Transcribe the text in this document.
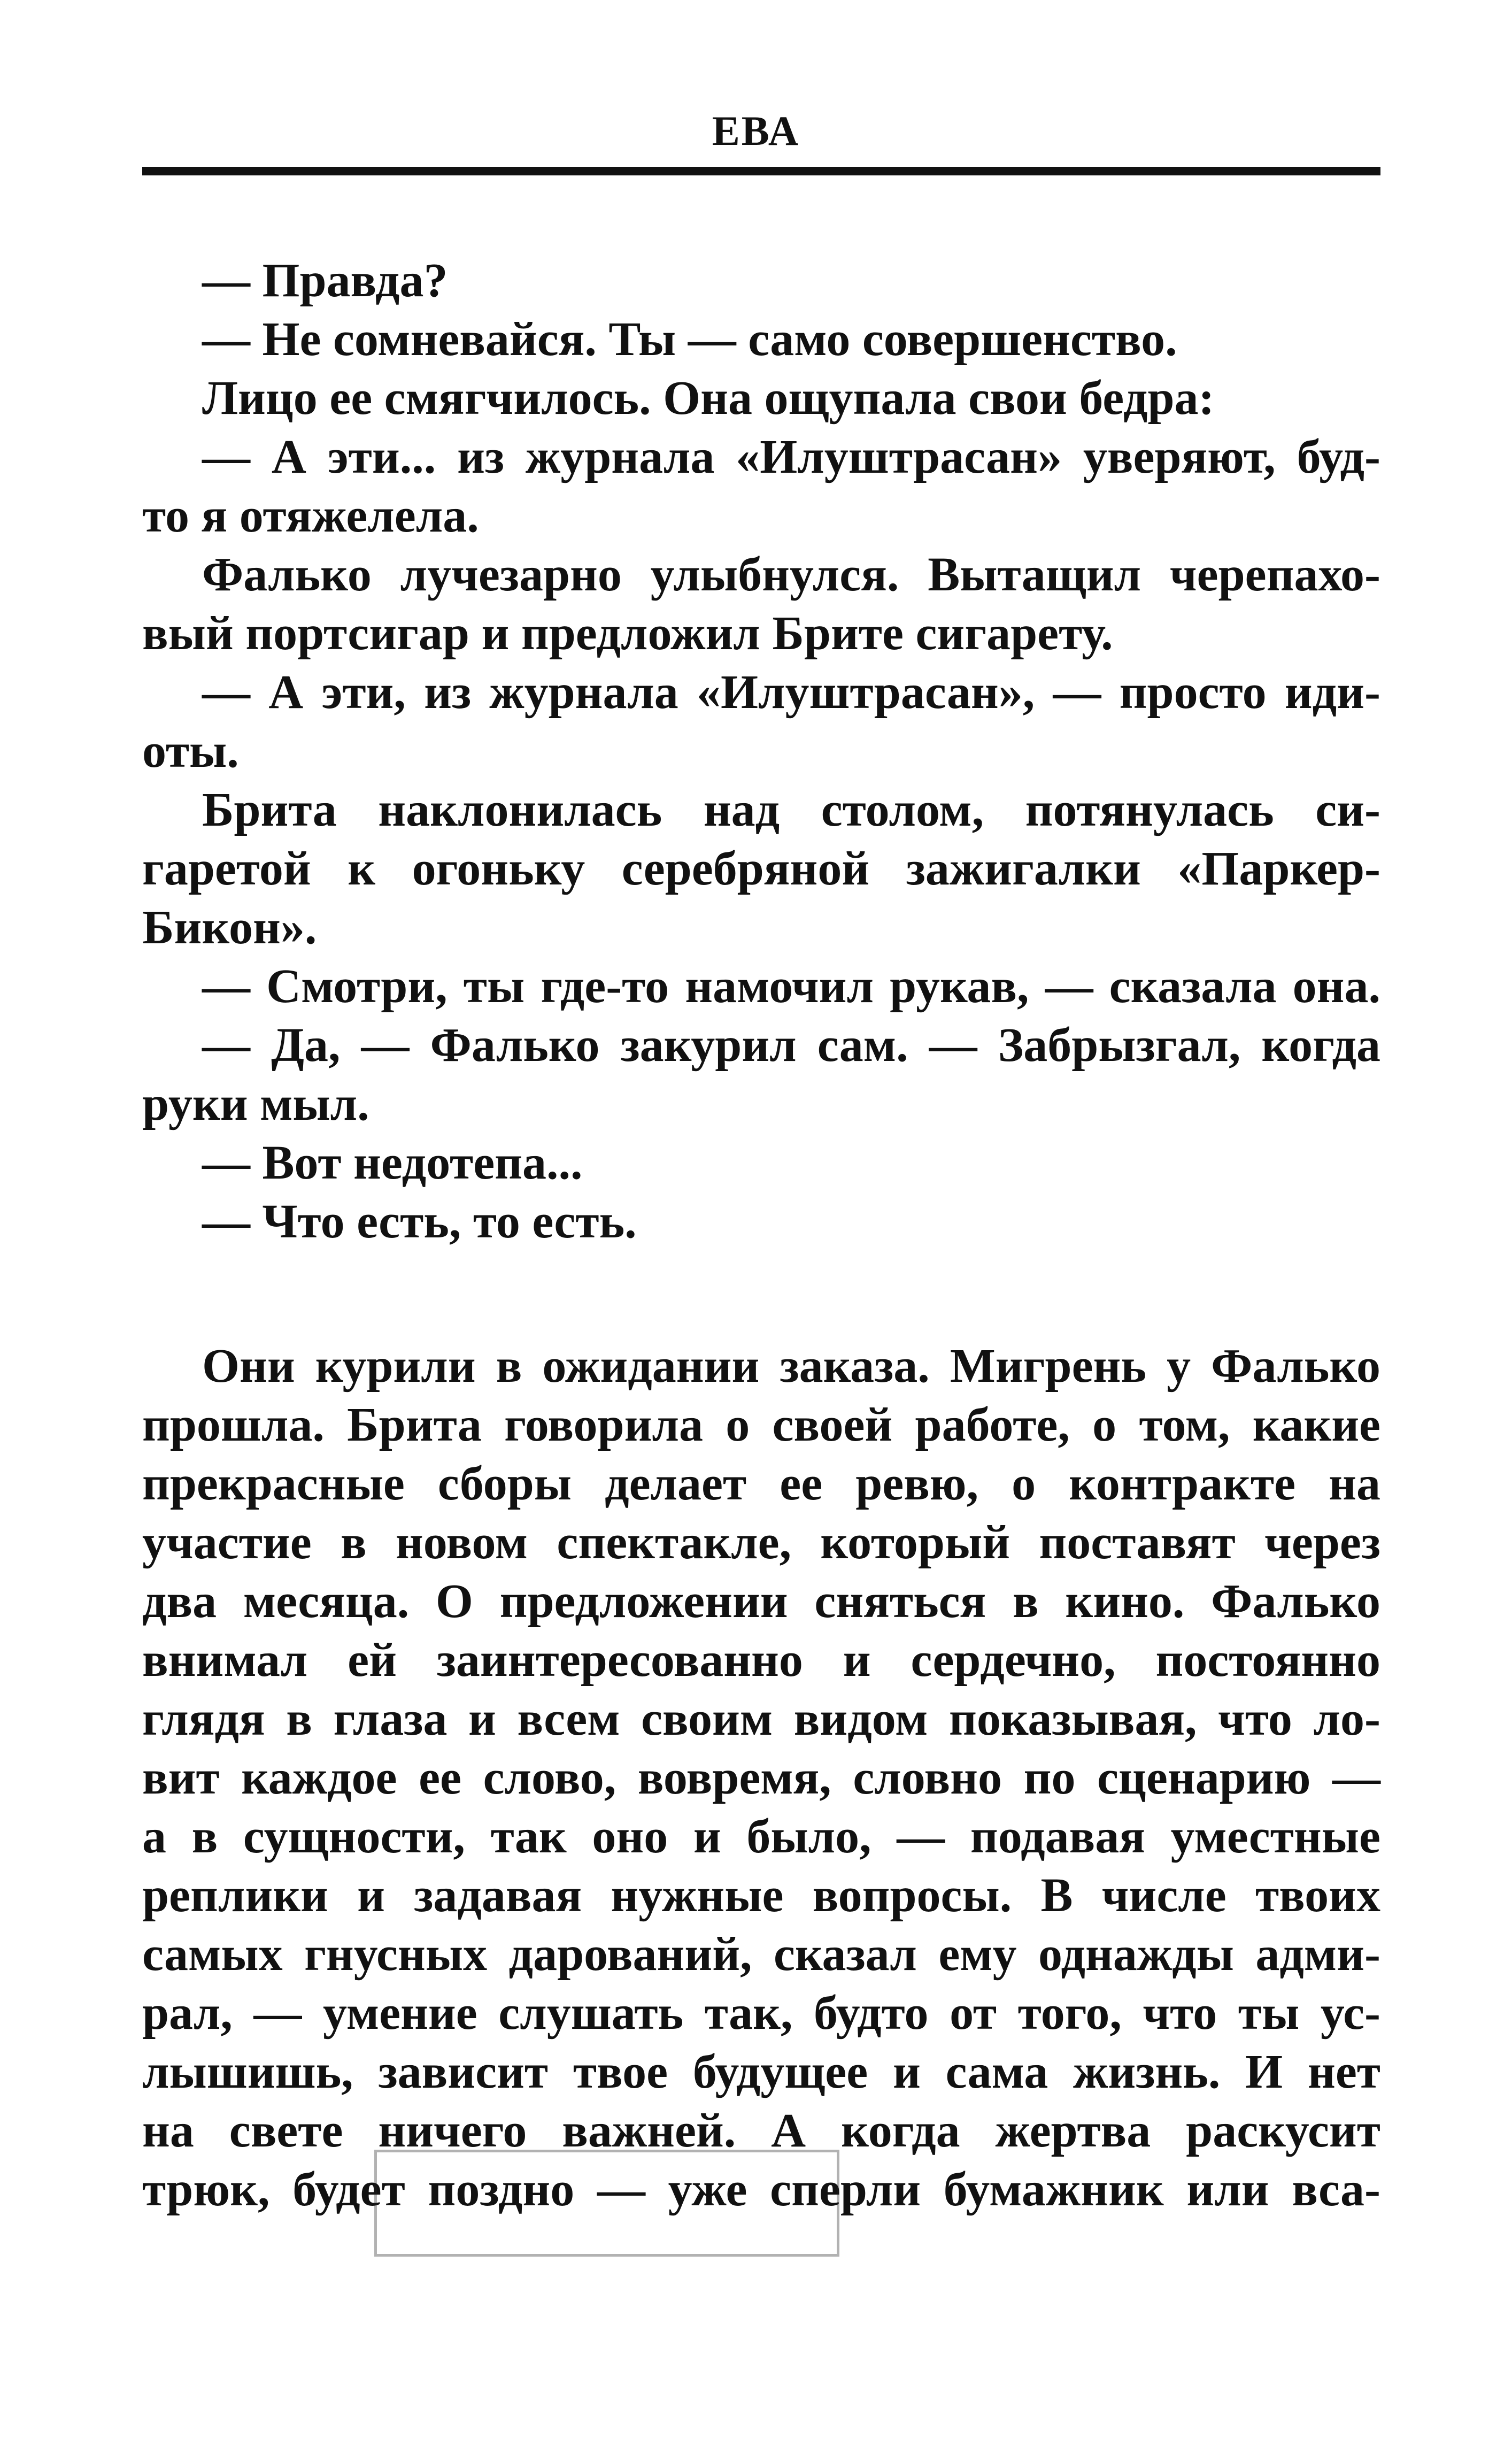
ЕВА
— Правда?
— Не сомневайся. Ты — само совершенство.
Лицо ее смягчилось. Она ощупала свои бедра:
— А эти... из журнала «Илуштрасан» уверяют, буд-
то я отяжелела.
Фалько лучезарно улыбнулся. Вытащил черепахо-
вый портсигар и предложил Брите сигарету.
— А эти, из журнала «Илуштрасан», — просто иди-
оты.
Брита наклонилась над столом, потянулась си-
гаретой к огоньку серебряной зажигалки «Паркер-
Бикон».
— Смотри, ты где-то намочил рукав, — сказала она.
— Да, — Фалько закурил сам. — Забрызгал, когда
руки мыл.
— Вот недотепа...
— Что есть, то есть.
Они курили в ожидании заказа. Мигрень у Фалько
прошла. Брита говорила о своей работе, о том, какие
прекрасные сборы делает ее ревю, о контракте на
участие в новом спектакле, который поставят через
два месяца. О предложении сняться в кино. Фалько
внимал ей заинтересованно и сердечно, постоянно
глядя в глаза и всем своим видом показывая, что ло-
вит каждое ее слово, вовремя, словно по сценарию —
а в сущности, так оно и было, — подавая уместные
реплики и задавая нужные вопросы. В числе твоих
самых гнусных дарований, сказал ему однажды адми-
рал, — умение слушать так, будто от того, что ты ус-
лышишь, зависит твое будущее и сама жизнь. И нет
на свете ничего важней. А когда жертва раскусит
трюк, будет поздно — уже сперли бумажник или вса-
